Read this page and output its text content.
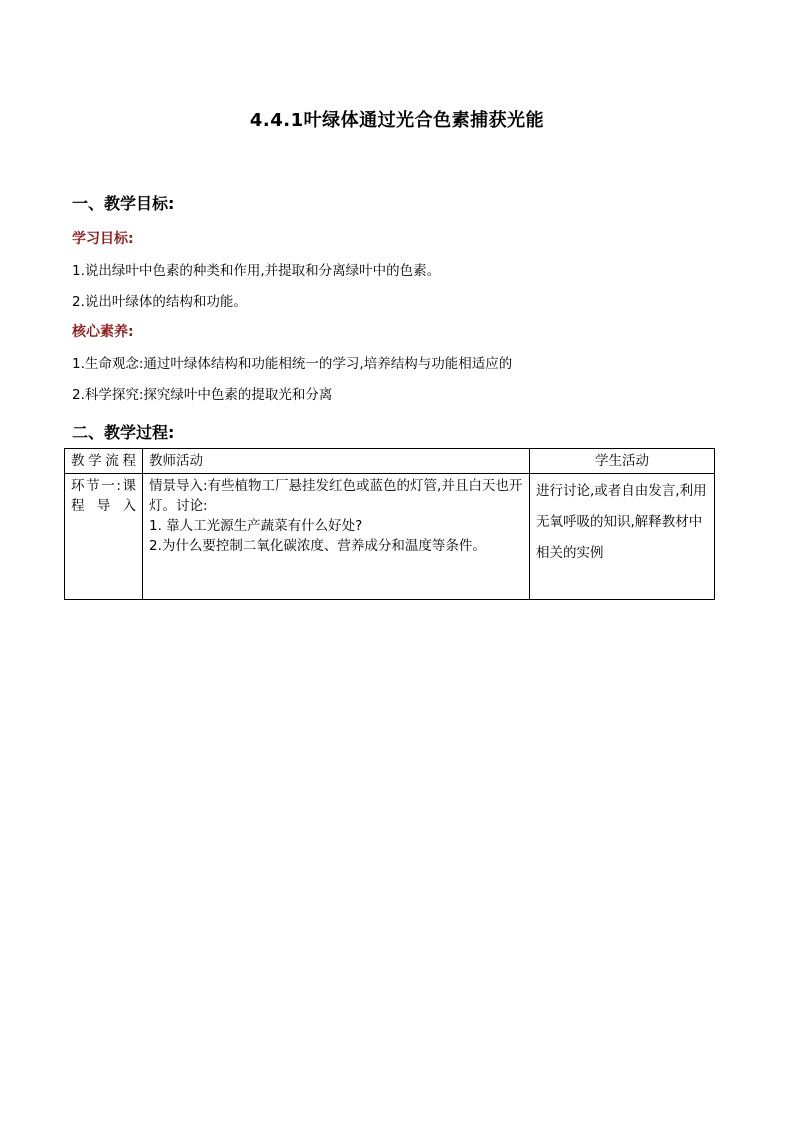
4.4.1叶绿体通过光合色素捕获光能
一、教学目标:
学习目标:
1.说出绿叶中色素的种类和作用,并提取和分离绿叶中的色素。
2.说出叶绿体的结构和功能。
核心素养:
1.生命观念:通过叶绿体结构和功能相统一的学习,培养结构与功能相适应的
2.科学探究:探究绿叶中色素的提取光和分离
二、教学过程:
教学流程	教师活动	学生活动
环节一:课程导入	情景导入:有些植物工厂悬挂发红色或蓝色的灯管,并且白天也开灯。讨论:
1. 靠人工光源生产蔬菜有什么好处?
2.为什么要控制二氧化碳浓度、营养成分和温度等条件。	进行讨论,或者自由发言,利用无氧呼吸的知识,解释教材中相关的实例
